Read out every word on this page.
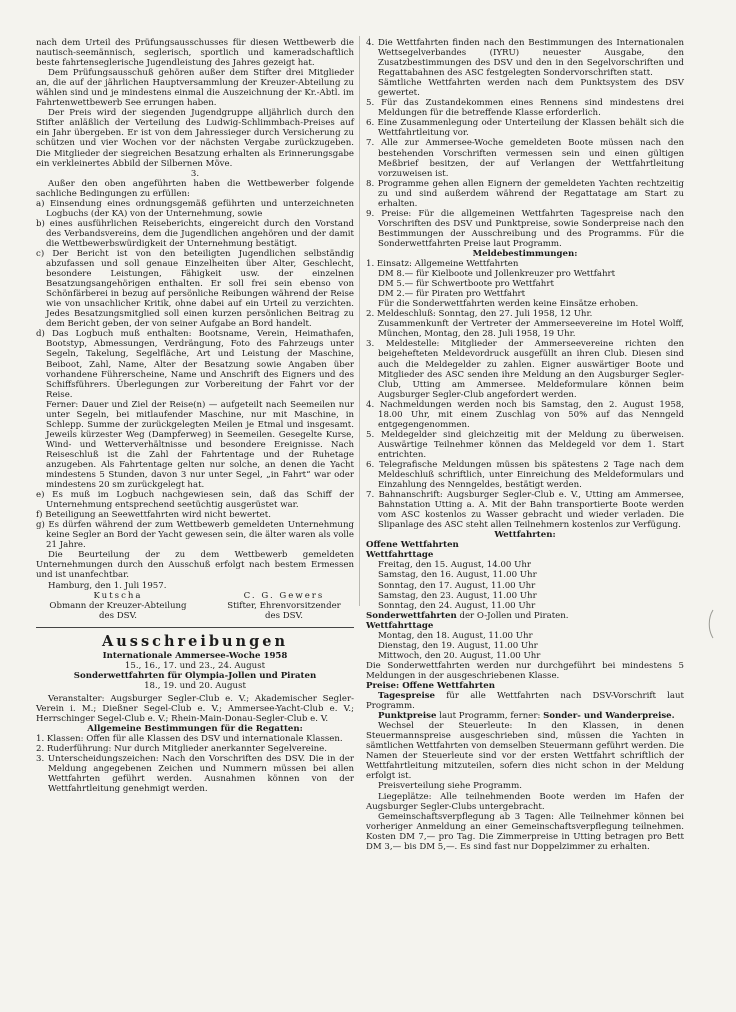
nach dem Urteil des Prüfungsausschusses für diesen Wettbewerb die nautisch-seemännisch, seglerisch, sportlich und kameradschaftlich beste fahrtenseglerische Jugendleistung des Jahres gezeigt hat.

Dem Prüfungsausschuß gehören außer dem Stifter drei Mitglieder an, die auf der jährlichen Hauptversammlung der Kreuzer-Abteilung zu wählen sind und je mindestens einmal die Auszeichnung der Kr.-Abtl. im Fahrtenwettbewerb See errungen haben.

Der Preis wird der siegenden Jugendgruppe alljährlich durch den Stifter anläßlich der Verteilung des Ludwig-Schlimmbach-Preises auf ein Jahr übergeben. Er ist von dem Jahressieger durch Versicherung zu schützen und vier Wochen vor der nächsten Vergabe zurückzugeben. Die Mitglieder der siegreichen Besatzung erhalten als Erinnerungsgabe ein verkleinertes Abbild der Silbernen Möve.

3.

Außer den oben angeführten haben die Wettbewerber folgende sachliche Bedingungen zu erfüllen:

a) Einsendung eines ordnungsgemäß geführten und unterzeichneten Logbuchs (der KA) von der Unternehmung, sowie

b) eines ausführlichen Reiseberichts, eingereicht durch den Vorstand des Verbandsvereins, dem die Jugendlichen angehören und der damit die Wettbewerbswürdigkeit der Unternehmung bestätigt.

c) Der Bericht ist von den beteiligten Jugendlichen selbständig abzufassen und soll genaue Einzelheiten über Alter, Geschlecht, besondere Leistungen, Fähigkeit usw. der einzelnen Besatzungsangehörigen enthalten. Er soll frei sein ebenso von Schönfärberei in bezug auf persönliche Reibungen während der Reise wie von unsachlicher Kritik, ohne dabei auf ein Urteil zu verzichten. Jedes Besatzungsmitglied soll einen kurzen persönlichen Beitrag zu dem Bericht geben, der von seiner Aufgabe an Bord handelt.

d) Das Logbuch muß enthalten: Bootsname, Verein, Heimathafen, Bootstyp, Abmessungen, Verdrängung, Foto des Fahrzeugs unter Segeln, Takelung, Segelfläche, Art und Leistung der Maschine, Beiboot, Zahl, Name, Alter der Besatzung sowie Angaben über vorhandene Führerscheine, Name und Anschrift des Eigners und des Schiffsführers. Überlegungen zur Vorbereitung der Fahrt vor der Reise.

Ferner: Dauer und Ziel der Reise(n) — aufgeteilt nach Seemeilen nur unter Segeln, bei mitlaufender Maschine, nur mit Maschine, in Schlepp. Summe der zurückgelegten Meilen je Etmal und insgesamt. Jeweils kürzester Weg (Dampferweg) in Seemeilen. Gesegelte Kurse, Wind- und Wetterverhältnisse und besondere Ereignisse. Nach Reiseschluß ist die Zahl der Fahrtentage und der Ruhetage anzugeben. Als Fahrtentage gelten nur solche, an denen die Yacht mindestens 5 Stunden, davon 3 nur unter Segel, „in Fahrt“ war oder mindestens 20 sm zurückgelegt hat.

e) Es muß im Logbuch nachgewiesen sein, daß das Schiff der Unternehmung entsprechend seetüchtig ausgerüstet war.

f) Beteiligung an Seewettfahrten wird nicht bewertet.

g) Es dürfen während der zum Wettbewerb gemeldeten Unternehmung keine Segler an Bord der Yacht gewesen sein, die älter waren als volle 21 Jahre.

Die Beurteilung der zu dem Wettbewerb gemeldeten Unternehmungen durch den Ausschuß erfolgt nach bestem Ermessen und ist unanfechtbar.

Hamburg, den 1. Juli 1957.

Kutscha

Obmann der Kreuzer-Abteilung

des DSV.

C. G. Gewers

Stifter, Ehrenvorsitzender

des DSV.

Ausschreibungen

Internationale Ammersee-Woche 1958

15., 16., 17. und 23., 24. August

Sonderwettfahrten für Olympia-Jollen und Piraten

18., 19. und 20. August

Veranstalter: Augsburger Segler-Club e. V.; Akademischer Segler-Verein i. M.; Dießner Segel-Club e. V.; Ammersee-Yacht-Club e. V.; Herrschinger Segel-Club e. V.; Rhein-Main-Donau-Segler-Club e. V.

Allgemeine Bestimmungen für die Regatten:

1. Klassen: Offen für alle Klassen des DSV und internationale Klassen.

2. Ruderführung: Nur durch Mitglieder anerkannter Segelvereine.

3. Unterscheidungszeichen: Nach den Vorschriften des DSV. Die in der Meldung angegebenen Zeichen und Nummern müssen bei allen Wettfahrten geführt werden. Ausnahmen können von der Wettfahrtleitung genehmigt werden.

4. Die Wettfahrten finden nach den Bestimmungen des Internationalen Wettsegelverbandes (IYRU) neuester Ausgabe, den Zusatzbestimmungen des DSV und den in den Segelvorschriften und Regattabahnen des ASC festgelegten Sondervorschriften statt.

Sämtliche Wettfahrten werden nach dem Punktsystem des DSV gewertet.

5. Für das Zustandekommen eines Rennens sind mindestens drei Meldungen für die betreffende Klasse erforderlich.

6. Eine Zusammenlegung oder Unterteilung der Klassen behält sich die Wettfahrtleitung vor.

7. Alle zur Ammersee-Woche gemeldeten Boote müssen nach den bestehenden Vorschriften vermessen sein und einen gültigen Meßbrief besitzen, der auf Verlangen der Wettfahrtleitung vorzuweisen ist.

8. Programme gehen allen Eignern der gemeldeten Yachten rechtzeitig zu und sind außerdem während der Regattatage am Start zu erhalten.

9. Preise: Für die allgemeinen Wettfahrten Tagespreise nach den Vorschriften des DSV und Punktpreise, sowie Sonderpreise nach den Bestimmungen der Ausschreibung und des Programms. Für die Sonderwettfahrten Preise laut Programm.

Meldebestimmungen:

1. Einsatz: Allgemeine Wettfahrten

DM 8.— für Kielboote und Jollenkreuzer pro Wettfahrt

DM 5.— für Schwertboote pro Wettfahrt

DM 2.— für Piraten pro Wettfahrt

Für die Sonderwettfahrten werden keine Einsätze erhoben.

2. Meldeschluß: Sonntag, den 27. Juli 1958, 12 Uhr.

Zusammenkunft der Vertreter der Ammerseevereine im Hotel Wolff, München, Montag, den 28. Juli 1958, 19 Uhr.

3. Meldestelle: Mitglieder der Ammerseevereine richten den beigehefteten Meldevordruck ausgefüllt an ihren Club. Diesen sind auch die Meldegelder zu zahlen. Eigner auswärtiger Boote und Mitglieder des ASC senden ihre Meldung an den Augsburger Segler-Club, Utting am Ammersee. Meldeformulare können beim Augsburger Segler-Club angefordert werden.

4. Nachmeldungen werden noch bis Samstag, den 2. August 1958, 18.00 Uhr, mit einem Zuschlag von 50% auf das Nenngeld entgegengenommen.

5. Meldegelder sind gleichzeitig mit der Meldung zu überweisen. Auswärtige Teilnehmer können das Meldegeld vor dem 1. Start entrichten.

6. Telegrafische Meldungen müssen bis spätestens 2 Tage nach dem Meldeschluß schriftlich, unter Einreichung des Meldeformulars und Einzahlung des Nenngeldes, bestätigt werden.

7. Bahnanschrift: Augsburger Segler-Club e. V., Utting am Ammersee, Bahnstation Utting a. A. Mit der Bahn transportierte Boote werden vom ASC kostenlos zu Wasser gebracht und wieder verladen. Die Slipanlage des ASC steht allen Teilnehmern kostenlos zur Verfügung.

Wettfahrten:

Offene Wettfahrten

Wettfahrttage

Freitag, den 15. August, 14.00 Uhr

Samstag, den 16. August, 11.00 Uhr

Sonntag, den 17. August, 11.00 Uhr

Samstag, den 23. August, 11.00 Uhr

Sonntag, den 24. August, 11.00 Uhr

Sonderwettfahrten der O-Jollen und Piraten.

Wettfahrttage

Montag, den 18. August, 11.00 Uhr

Dienstag, den 19. August, 11.00 Uhr

Mittwoch, den 20. August, 11.00 Uhr

Die Sonderwettfahrten werden nur durchgeführt bei mindestens 5 Meldungen in der ausgeschriebenen Klasse.

Preise: Offene Wettfahrten

Tagespreise für alle Wettfahrten nach DSV-Vorschrift laut Programm.

Punktpreise laut Programm, ferner: Sonder- und Wanderpreise.

Wechsel der Steuerleute: In den Klassen, in denen Steuermannspreise ausgeschrieben sind, müssen die Yachten in sämtlichen Wettfahrten von demselben Steuermann geführt werden. Die Namen der Steuerleute sind vor der ersten Wettfahrt schriftlich der Wettfahrtleitung mitzuteilen, sofern dies nicht schon in der Meldung erfolgt ist.

Preisverteilung siehe Programm.

Liegeplätze: Alle teilnehmenden Boote werden im Hafen der Augsburger Segler-Clubs untergebracht.

Gemeinschaftsverpflegung ab 3 Tagen: Alle Teilnehmer können bei vorheriger Anmeldung an einer Gemeinschaftsverpflegung teilnehmen. Kosten DM 7,— pro Tag. Die Zimmerpreise in Utting betragen pro Bett DM 3,— bis DM 5,—. Es sind fast nur Doppelzimmer zu erhalten.
